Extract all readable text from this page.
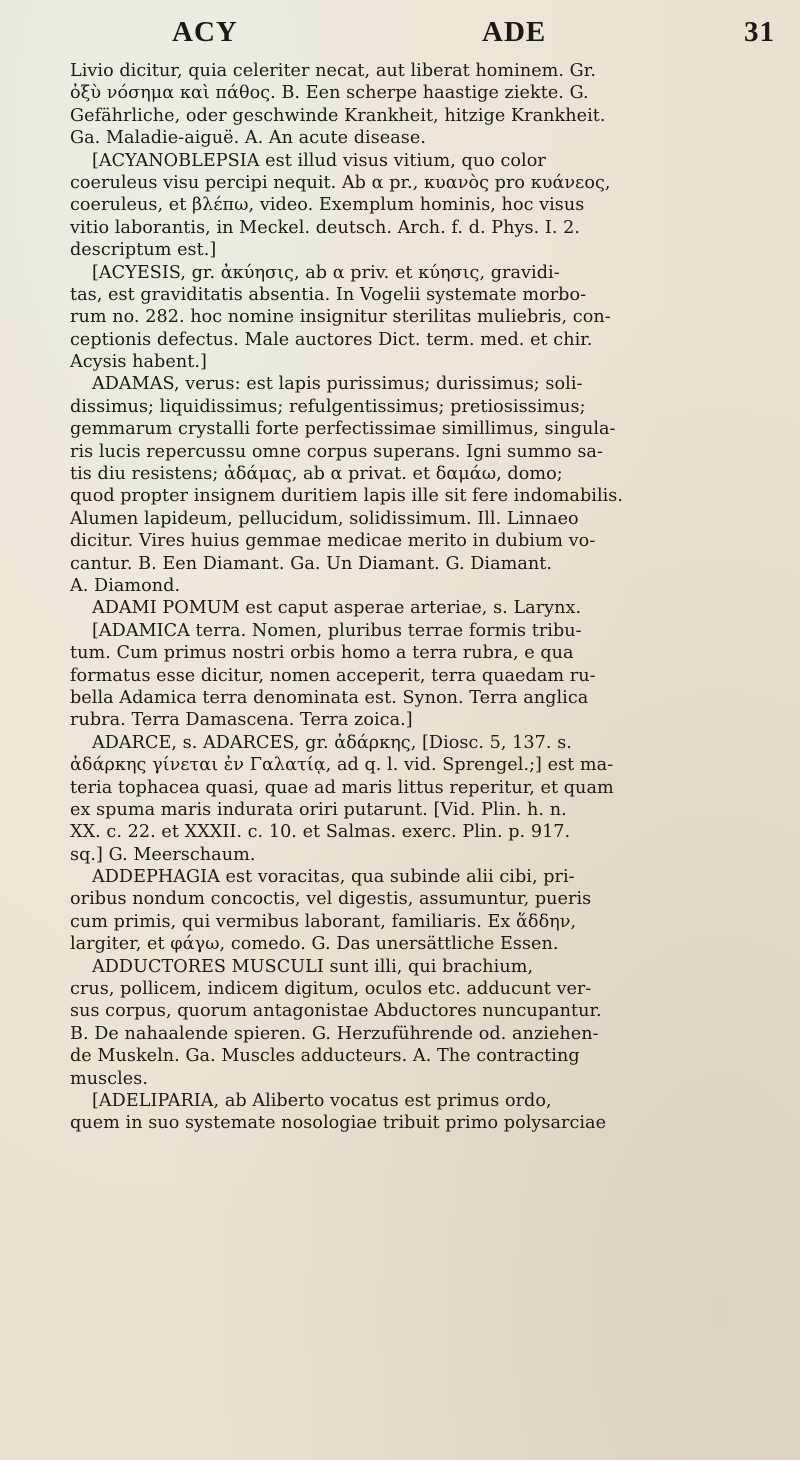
ACY	ADE	31
Livio dicitur, quia celeriter necat, aut liberat hominem. Gr.
ὀξὺ νόσημα καὶ πάθος. B. Een scherpe haastige ziekte. G.
Gefährliche, oder geschwinde Krankheit, hitzige Krankheit.
Ga. Maladie-aiguë. A. An acute disease.
[ACYANOBLEPSIA est illud visus vitium, quo color
coeruleus visu percipi nequit. Ab α pr., κυανὸς pro κυάνεος,
coeruleus, et βλέπω, video. Exemplum hominis, hoc visus
vitio laborantis, in Meckel. deutsch. Arch. f. d. Phys. I. 2.
descriptum est.]
[ACYESIS, gr. ἀκύησις, ab α priv. et κύησις, gravidi-
tas, est graviditatis absentia. In Vogelii systemate morbo-
rum no. 282. hoc nomine insignitur sterilitas muliebris, con-
ceptionis defectus. Male auctores Dict. term. med. et chir.
Acysis habent.]
ADAMAS, verus: est lapis purissimus; durissimus; soli-
dissimus; liquidissimus; refulgentissimus; pretiosissimus;
gemmarum crystalli forte perfectissimae simillimus, singula-
ris lucis repercussu omne corpus superans. Igni summo sa-
tis diu resistens; ἀδάμας, ab α privat. et δαμάω, domo;
quod propter insignem duritiem lapis ille sit fere indomabilis.
Alumen lapideum, pellucidum, solidissimum. Ill. Linnaeo
dicitur. Vires huius gemmae medicae merito in dubium vo-
cantur. B. Een Diamant. Ga. Un Diamant. G. Diamant.
A. Diamond.
ADAMI POMUM est caput asperae arteriae, s. Larynx.
[ADAMICA terra. Nomen, pluribus terrae formis tribu-
tum. Cum primus nostri orbis homo a terra rubra, e qua
formatus esse dicitur, nomen acceperit, terra quaedam ru-
bella Adamica terra denominata est. Synon. Terra anglica
rubra. Terra Damascena. Terra zoica.]
ADARCE, s. ADARCES, gr. ἀδάρκης, [Diosc. 5, 137. s.
ἀδάρκης γίνεται ἐν Γαλατίᾳ, ad q. l. vid. Sprengel.;] est ma-
teria tophacea quasi, quae ad maris littus reperitur, et quam
ex spuma maris indurata oriri putarunt. [Vid. Plin. h. n.
XX. c. 22. et XXXII. c. 10. et Salmas. exerc. Plin. p. 917.
sq.] G. Meerschaum.
ADDEPHAGIA est voracitas, qua subinde alii cibi, pri-
oribus nondum concoctis, vel digestis, assumuntur, pueris
cum primis, qui vermibus laborant, familiaris. Ex ἅδδην,
largiter, et φάγω, comedo. G. Das unersättliche Essen.
ADDUCTORES MUSCULI sunt illi, qui brachium,
crus, pollicem, indicem digitum, oculos etc. adducunt ver-
sus corpus, quorum antagonistae Abductores nuncupantur.
B. De nahaalende spieren. G. Herzuführende od. anziehen-
de Muskeln. Ga. Muscles adducteurs. A. The contracting
muscles.
[ADELIPARIA, ab Aliberto vocatus est primus ordo,
quem in suo systemate nosologiae tribuit primo polysarciae
